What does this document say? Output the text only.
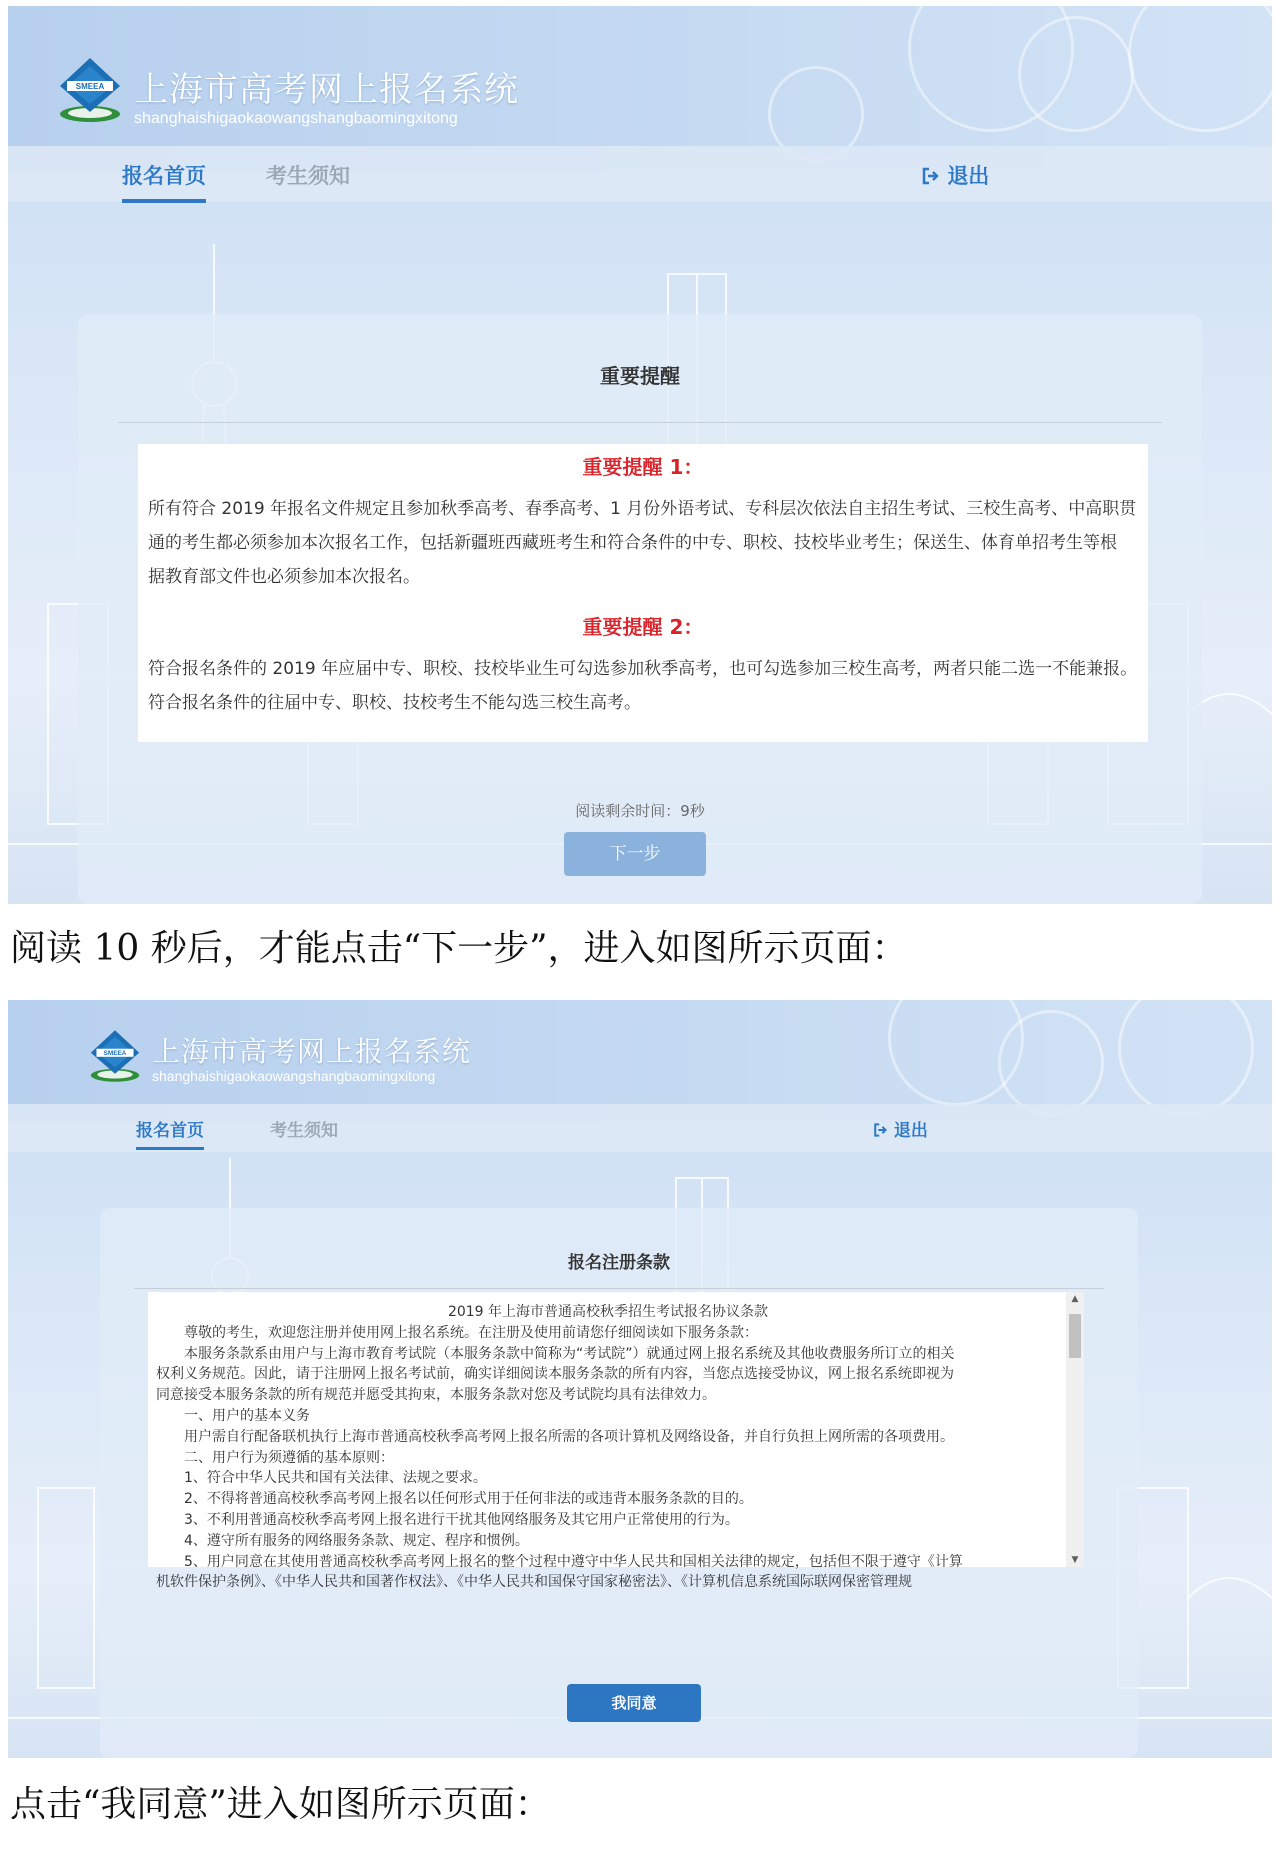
SMEEA 上海市高考网上报名系统
shanghaishigaokaowangshangbaomingxitong
报名首页	考生须知	退出
重要提醒

重要提醒 1：

所有符合 2019 年报名文件规定且参加秋季高考、春季高考、1 月份外语考试、专科层次依法自主招生考试、三校生高考、中高职贯

通的考生都必须参加本次报名工作，包括新疆班西藏班考生和符合条件的中专、职校、技校毕业考生；保送生、体育单招考生等根

据教育部文件也必须参加本次报名。

重要提醒 2：

符合报名条件的 2019 年应届中专、职校、技校毕业生可勾选参加秋季高考，也可勾选参加三校生高考，两者只能二选一不能兼报。

符合报名条件的往届中专、职校、技校考生不能勾选三校生高考。

阅读剩余时间：9秒
下一步
阅读 10 秒后，才能点击“下一步”，进入如图所示页面：
SMEEA 上海市高考网上报名系统
shanghaishigaokaowangshangbaomingxitong
报名首页	考生须知	退出
报名注册条款

2019 年上海市普通高校秋季招生考试报名协议条款

尊敬的考生，欢迎您注册并使用网上报名系统。在注册及使用前请您仔细阅读如下服务条款：

本服务条款系由用户与上海市教育考试院（本服务条款中简称为“考试院”）就通过网上报名系统及其他收费服务所订立的相关

权利义务规范。因此，请于注册网上报名考试前，确实详细阅读本服务条款的所有内容，当您点选接受协议，网上报名系统即视为

同意接受本服务条款的所有规范并愿受其拘束，本服务条款对您及考试院均具有法律效力。

一、用户的基本义务

用户需自行配备联机执行上海市普通高校秋季高考网上报名所需的各项计算机及网络设备，并自行负担上网所需的各项费用。

二、用户行为须遵循的基本原则：

1、符合中华人民共和国有关法律、法规之要求。

2、不得将普通高校秋季高考网上报名以任何形式用于任何非法的或违背本服务条款的目的。

3、不利用普通高校秋季高考网上报名进行干扰其他网络服务及其它用户正常使用的行为。

4、遵守所有服务的网络服务条款、规定、程序和惯例。

5、用户同意在其使用普通高校秋季高考网上报名的整个过程中遵守中华人民共和国相关法律的规定，包括但不限于遵守《计算

机软件保护条例》、《中华人民共和国著作权法》、《中华人民共和国保守国家秘密法》、《计算机信息系统国际联网保密管理规

▲
▼
我同意
点击“我同意”进入如图所示页面：
